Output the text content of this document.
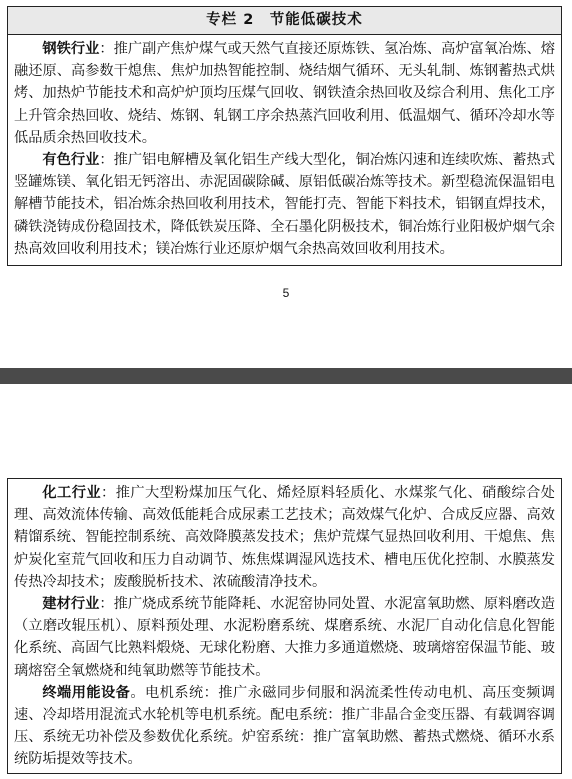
专栏 2　节能低碳技术

钢铁行业：推广副产焦炉煤气或天然气直接还原炼铁、氢冶炼、高炉富氧冶炼、熔融还原、高参数干熄焦、焦炉加热智能控制、烧结烟气循环、无头轧制、炼钢蓄热式烘烤、加热炉节能技术和高炉炉顶均压煤气回收、钢铁渣余热回收及综合利用、焦化工序上升管余热回收、烧结、炼钢、轧钢工序余热蒸汽回收利用、低温烟气、循环冷却水等低品质余热回收技术。

有色行业：推广铝电解槽及氧化铝生产线大型化，铜冶炼闪速和连续吹炼、蓄热式竖罐炼镁、氧化铝无钙溶出、赤泥固碳除碱、原铝低碳冶炼等技术。新型稳流保温铝电解槽节能技术，铝冶炼余热回收利用技术，智能打壳、智能下料技术，铝钢直焊技术，磷铁浇铸成份稳固技术，降低铁炭压降、全石墨化阴极技术，铜冶炼行业阳极炉烟气余热高效回收利用技术；镁冶炼行业还原炉烟气余热高效回收利用技术。

5

化工行业：推广大型粉煤加压气化、烯烃原料轻质化、水煤浆气化、硝酸综合处理、高效流体传输、高效低能耗合成尿素工艺技术；高效煤气化炉、合成反应器、高效精馏系统、智能控制系统、高效降膜蒸发技术；焦炉荒煤气显热回收利用、干熄焦、焦炉炭化室荒气回收和压力自动调节、炼焦煤调湿风选技术、槽电压优化控制、水膜蒸发传热冷却技术；废酸脱析技术、浓硫酸清净技术。

建材行业：推广烧成系统节能降耗、水泥窑协同处置、水泥富氧助燃、原料磨改造（立磨改辊压机）、原料预处理、水泥粉磨系统、煤磨系统、水泥厂自动化信息化智能化系统、高固气比熟料煅烧、无球化粉磨、大推力多通道燃烧、玻璃熔窑保温节能、玻璃熔窑全氧燃烧和纯氧助燃等节能技术。

终端用能设备。电机系统：推广永磁同步伺服和涡流柔性传动电机、高压变频调速、冷却塔用混流式水轮机等电机系统。配电系统：推广非晶合金变压器、有载调容调压、系统无功补偿及参数优化系统。炉窑系统：推广富氧助燃、蓄热式燃烧、循环水系统防垢提效等技术。
